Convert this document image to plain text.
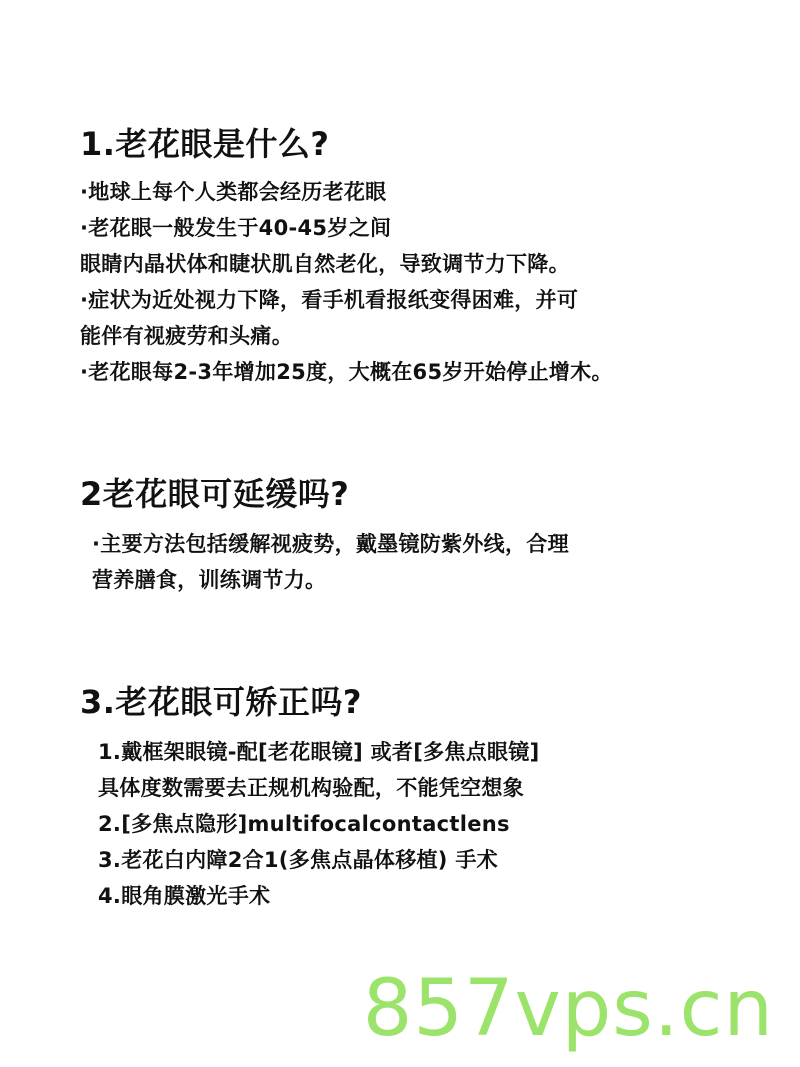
1.老花眼是什么?
·地球上每个人类都会经历老花眼
·老花眼一般发生于40-45岁之间
眼睛内晶状体和睫状肌自然老化，导致调节力下降。
·症状为近处视力下降，看手机看报纸变得困难，并可
能伴有视疲劳和头痛。
·老花眼每2-3年增加25度，大概在65岁开始停止增木。
2老花眼可延缓吗?
·主要方法包括缓解视疲势，戴墨镜防紫外线，合理
营养膳食，训练调节力。
3.老花眼可矫正吗?
1.戴框架眼镜-配[老花眼镜] 或者[多焦点眼镜]
具体度数需要去正规机构验配，不能凭空想象
2.[多焦点隐形]multifocalcontactlens
3.老花白内障2合1(多焦点晶体移植) 手术
4.眼角膜激光手术
857vps.cn
